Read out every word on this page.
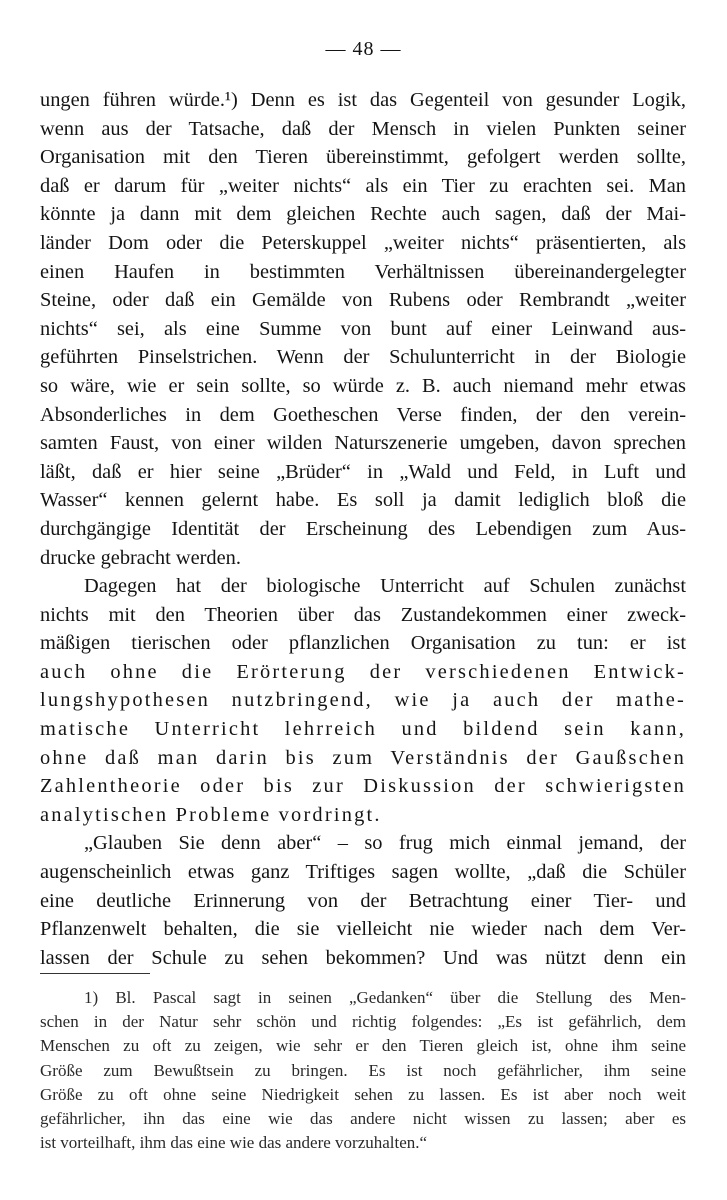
— 48 —
ungen führen würde.¹) Denn es ist das Gegenteil von gesunder Logik,
wenn aus der Tatsache, daß der Mensch in vielen Punkten seiner
Organisation mit den Tieren übereinstimmt, gefolgert werden sollte,
daß er darum für „weiter nichts“ als ein Tier zu erachten sei. Man
könnte ja dann mit dem gleichen Rechte auch sagen, daß der Mai-
länder Dom oder die Peterskuppel „weiter nichts“ präsentierten, als
einen Haufen in bestimmten Verhältnissen übereinandergelegter
Steine, oder daß ein Gemälde von Rubens oder Rembrandt „weiter
nichts“ sei, als eine Summe von bunt auf einer Leinwand aus-
geführten Pinselstrichen. Wenn der Schulunterricht in der Biologie
so wäre, wie er sein sollte, so würde z. B. auch niemand mehr etwas
Absonderliches in dem Goetheschen Verse finden, der den verein-
samten Faust, von einer wilden Naturszenerie umgeben, davon sprechen
läßt, daß er hier seine „Brüder“ in „Wald und Feld, in Luft und
Wasser“ kennen gelernt habe. Es soll ja damit lediglich bloß die
durchgängige Identität der Erscheinung des Lebendigen zum Aus-
drucke gebracht werden.
Dagegen hat der biologische Unterricht auf Schulen zunächst
nichts mit den Theorien über das Zustandekommen einer zweck-
mäßigen tierischen oder pflanzlichen Organisation zu tun: er ist
auch ohne die Erörterung der verschiedenen Entwick-
lungshypothesen nutzbringend, wie ja auch der mathe-
matische Unterricht lehrreich und bildend sein kann,
ohne daß man darin bis zum Verständnis der Gaußschen
Zahlentheorie oder bis zur Diskussion der schwierigsten
analytischen Probleme vordringt.
„Glauben Sie denn aber“ – so frug mich einmal jemand, der
augenscheinlich etwas ganz Triftiges sagen wollte, „daß die Schüler
eine deutliche Erinnerung von der Betrachtung einer Tier- und
Pflanzenwelt behalten, die sie vielleicht nie wieder nach dem Ver-
lassen der Schule zu sehen bekommen? Und was nützt denn ein
1) Bl. Pascal sagt in seinen „Gedanken“ über die Stellung des Men-
schen in der Natur sehr schön und richtig folgendes: „Es ist gefährlich, dem
Menschen zu oft zu zeigen, wie sehr er den Tieren gleich ist, ohne ihm seine
Größe zum Bewußtsein zu bringen. Es ist noch gefährlicher, ihm seine
Größe zu oft ohne seine Niedrigkeit sehen zu lassen. Es ist aber noch weit
gefährlicher, ihn das eine wie das andere nicht wissen zu lassen; aber es
ist vorteilhaft, ihm das eine wie das andere vorzuhalten.“
